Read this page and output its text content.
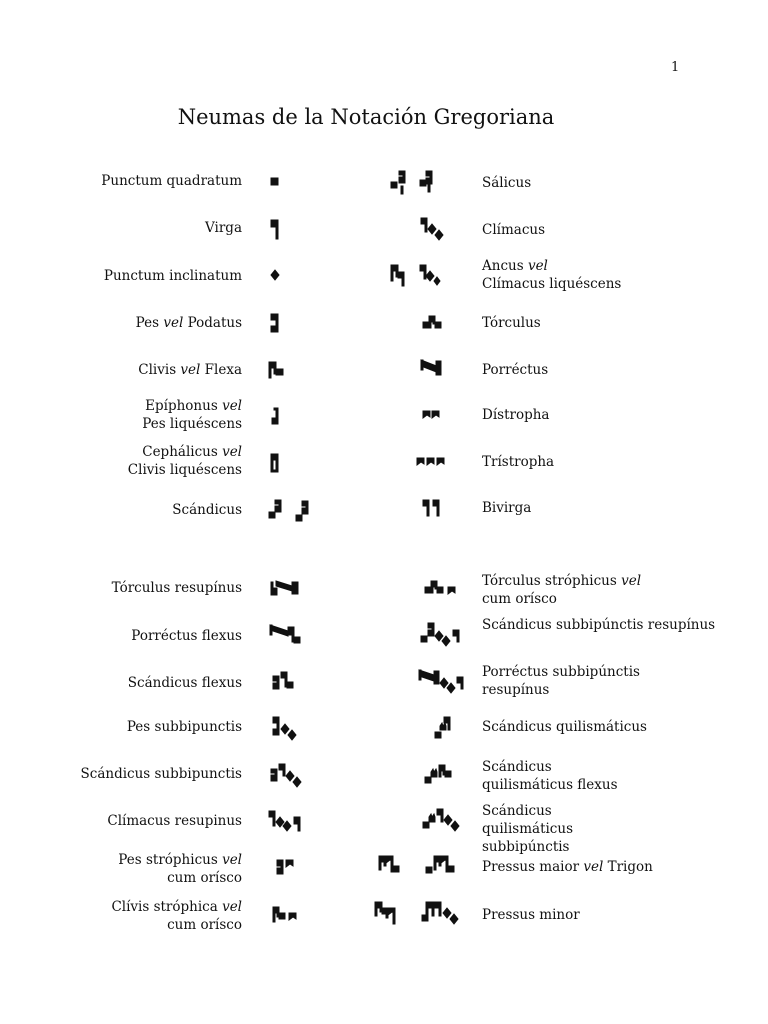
1
Neumas de la Notación Gregoriana
Punctum quadratum
Virga
Punctum inclinatum
Pes vel Podatus
Clivis vel Flexa
Epíphonus vel
Pes liquéscens
Cephálicus vel
Clivis liquéscens
Scándicus
Tórculus resupínus
Porréctus flexus
Scándicus flexus
Pes subbipunctis
Scándicus subbipunctis
Clímacus resupinus
Pes stróphicus vel
cum orísco
Clívis stróphica vel
cum orísco
Sálicus
Clímacus
Ancus vel
Clímacus liquéscens
Tórculus
Porréctus
Dístropha
Trístropha
Bivirga
Tórculus stróphicus vel
cum orísco
Scándicus subbipúnctis resupínus
Porréctus subbipúnctis resupínus
Scándicus quilismáticus
Scándicus quilismáticus flexus
Scándicus quilismáticus subbipúnctis
Pressus maior vel Trigon
Pressus minor
